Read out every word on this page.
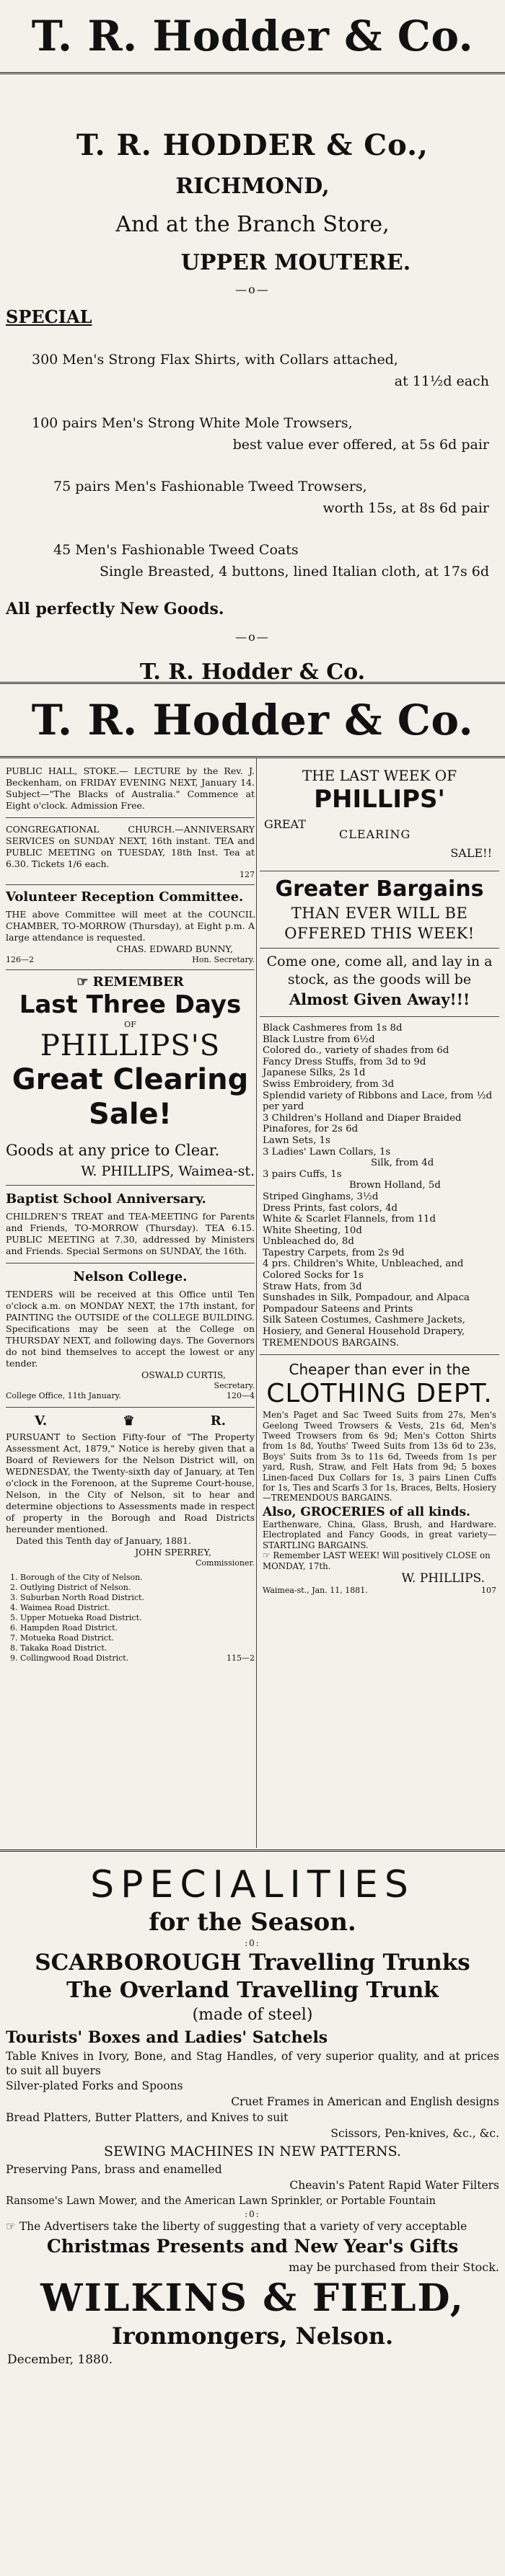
T. R. Hodder & Co.
T. R. HODDER & Co.,
RICHMOND,
And at the Branch Store,
UPPER MOUTERE.
—o—
SPECIAL
300 Men's Strong Flax Shirts, with Collars attached,
at 11½d each
100 pairs Men's Strong White Mole Trowsers,
best value ever offered, at 5s 6d pair
75 pairs Men's Fashionable Tweed Trowsers,
worth 15s, at 8s 6d pair
45 Men's Fashionable Tweed Coats
Single Breasted, 4 buttons, lined Italian cloth, at 17s 6d
All perfectly New Goods.
—o—
T. R. Hodder & Co.
T. R. Hodder & Co.
PUBLIC HALL, STOKE.— LECTURE by the Rev. J. Beckenham, on FRIDAY EVENING NEXT, January 14. Subject—"The Blacks of Australia." Commence at Eight o'clock. Admission Free.
CONGREGATIONAL CHURCH.—ANNIVERSARY SERVICES on SUNDAY NEXT, 16th instant. TEA and PUBLIC MEETING on TUESDAY, 18th Inst. Tea at 6.30. Tickets 1/6 each.
127
Volunteer Reception Committee.
THE above Committee will meet at the COUNCIL CHAMBER, TO-MORROW (Thursday), at Eight p.m. A large attendance is requested.
CHAS. EDWARD BUNNY,
126—2	Hon. Secretary.
☞ REMEMBER
Last Three Days
OF
PHILLIPS'S
Great Clearing
Sale!
Goods at any price to Clear.
W. PHILLIPS, Waimea-st.
Baptist School Anniversary.
CHILDREN'S TREAT and TEA-MEETING for Parents and Friends, TO-MORROW (Thursday). TEA 6.15. PUBLIC MEETING at 7.30, addressed by Ministers and Friends. Special Sermons on SUNDAY, the 16th.
Nelson College.
TENDERS will be received at this Office until Ten o'clock a.m. on MONDAY NEXT, the 17th instant, for PAINTING the OUTSIDE of the COLLEGE BUILDING. Specifications may be seen at the College on THURSDAY NEXT, and following days. The Governors do not bind themselves to accept the lowest or any tender.
OSWALD CURTIS,
Secretary.
College Office, 11th January.	120—4
V.	♛	R.
PURSUANT to Section Fifty-four of "The Property Assessment Act, 1879," Notice is hereby given that a Board of Reviewers for the Nelson District will, on WEDNESDAY, the Twenty-sixth day of January, at Ten o'clock in the Forenoon, at the Supreme Court-house, Nelson, in the City of Nelson, sit to hear and determine objections to Assessments made in respect of property in the Borough and Road Districts hereunder mentioned.
Dated this Tenth day of January, 1881.
JOHN SPERREY,
Commissioner.
1. Borough of the City of Nelson.
2. Outlying District of Nelson.
3. Suburban North Road District.
4. Waimea Road District.
5. Upper Motueka Road District.
6. Hampden Road District.
7. Motueka Road District.
8. Takaka Road District.
9. Collingwood Road District.	115—2
THE LAST WEEK OF
PHILLIPS'
GREAT
CLEARING
SALE!!
Greater Bargains
THAN EVER WILL BE
OFFERED THIS WEEK!
Come one, come all, and lay in a stock, as the goods will be
Almost Given Away!!!
Black Cashmeres from 1s 8d
Black Lustre from 6½d
Colored do., variety of shades from 6d
Fancy Dress Stuffs, from 3d to 9d
Japanese Silks, 2s 1d
Swiss Embroidery, from 3d
Splendid variety of Ribbons and Lace, from ½d per yard
3 Children's Holland and Diaper Braided Pinafores, for 2s 6d
Lawn Sets, 1s
3 Ladies' Lawn Collars, 1s
Silk, from 4d
3 pairs Cuffs, 1s
Brown Holland, 5d
Striped Ginghams, 3½d
Dress Prints, fast colors, 4d
White & Scarlet Flannels, from 11d
White Sheeting, 10d
Unbleached do, 8d
Tapestry Carpets, from 2s 9d
4 prs. Children's White, Unbleached, and Colored Socks for 1s
Straw Hats, from 3d
Sunshades in Silk, Pompadour, and Alpaca
Pompadour Sateens and Prints
Silk Sateen Costumes, Cashmere Jackets, Hosiery, and General Household Drapery, TREMENDOUS BARGAINS.
Cheaper than ever in the
CLOTHING DEPT.
Men's Paget and Sac Tweed Suits from 27s, Men's Geelong Tweed Trowsers & Vests, 21s 6d, Men's Tweed Trowsers from 6s 9d; Men's Cotton Shirts from 1s 8d, Youths' Tweed Suits from 13s 6d to 23s, Boys' Suits from 3s to 11s 6d, Tweeds from 1s per yard, Rush, Straw, and Felt Hats from 9d; 5 boxes Linen-faced Dux Collars for 1s, 3 pairs Linen Cuffs for 1s, Ties and Scarfs 3 for 1s, Braces, Belts, Hosiery—TREMENDOUS BARGAINS.
Also, GROCERIES of all kinds.
Earthenware, China, Glass, Brush, and Hardware. Electroplated and Fancy Goods, in great variety—STARTLING BARGAINS.
☞ Remember LAST WEEK! Will positively CLOSE on MONDAY, 17th.
W. PHILLIPS.
Waimea-st., Jan. 11, 1881.	107
SPECIALITIES
for the Season.
:0:
SCARBOROUGH Travelling Trunks
The Overland Travelling Trunk
(made of steel)
Tourists' Boxes and Ladies' Satchels
Table Knives in Ivory, Bone, and Stag Handles, of very superior quality, and at prices to suit all buyers
Silver-plated Forks and Spoons
Cruet Frames in American and English designs
Bread Platters, Butter Platters, and Knives to suit
Scissors, Pen-knives, &c., &c.
SEWING MACHINES IN NEW PATTERNS.
Preserving Pans, brass and enamelled
Cheavin's Patent Rapid Water Filters
Ransome's Lawn Mower, and the American Lawn Sprinkler, or Portable Fountain
:0:
☞ The Advertisers take the liberty of suggesting that a variety of very acceptable
Christmas Presents and New Year's Gifts
may be purchased from their Stock.
WILKINS & FIELD,
Ironmongers, Nelson.
December, 1880.
